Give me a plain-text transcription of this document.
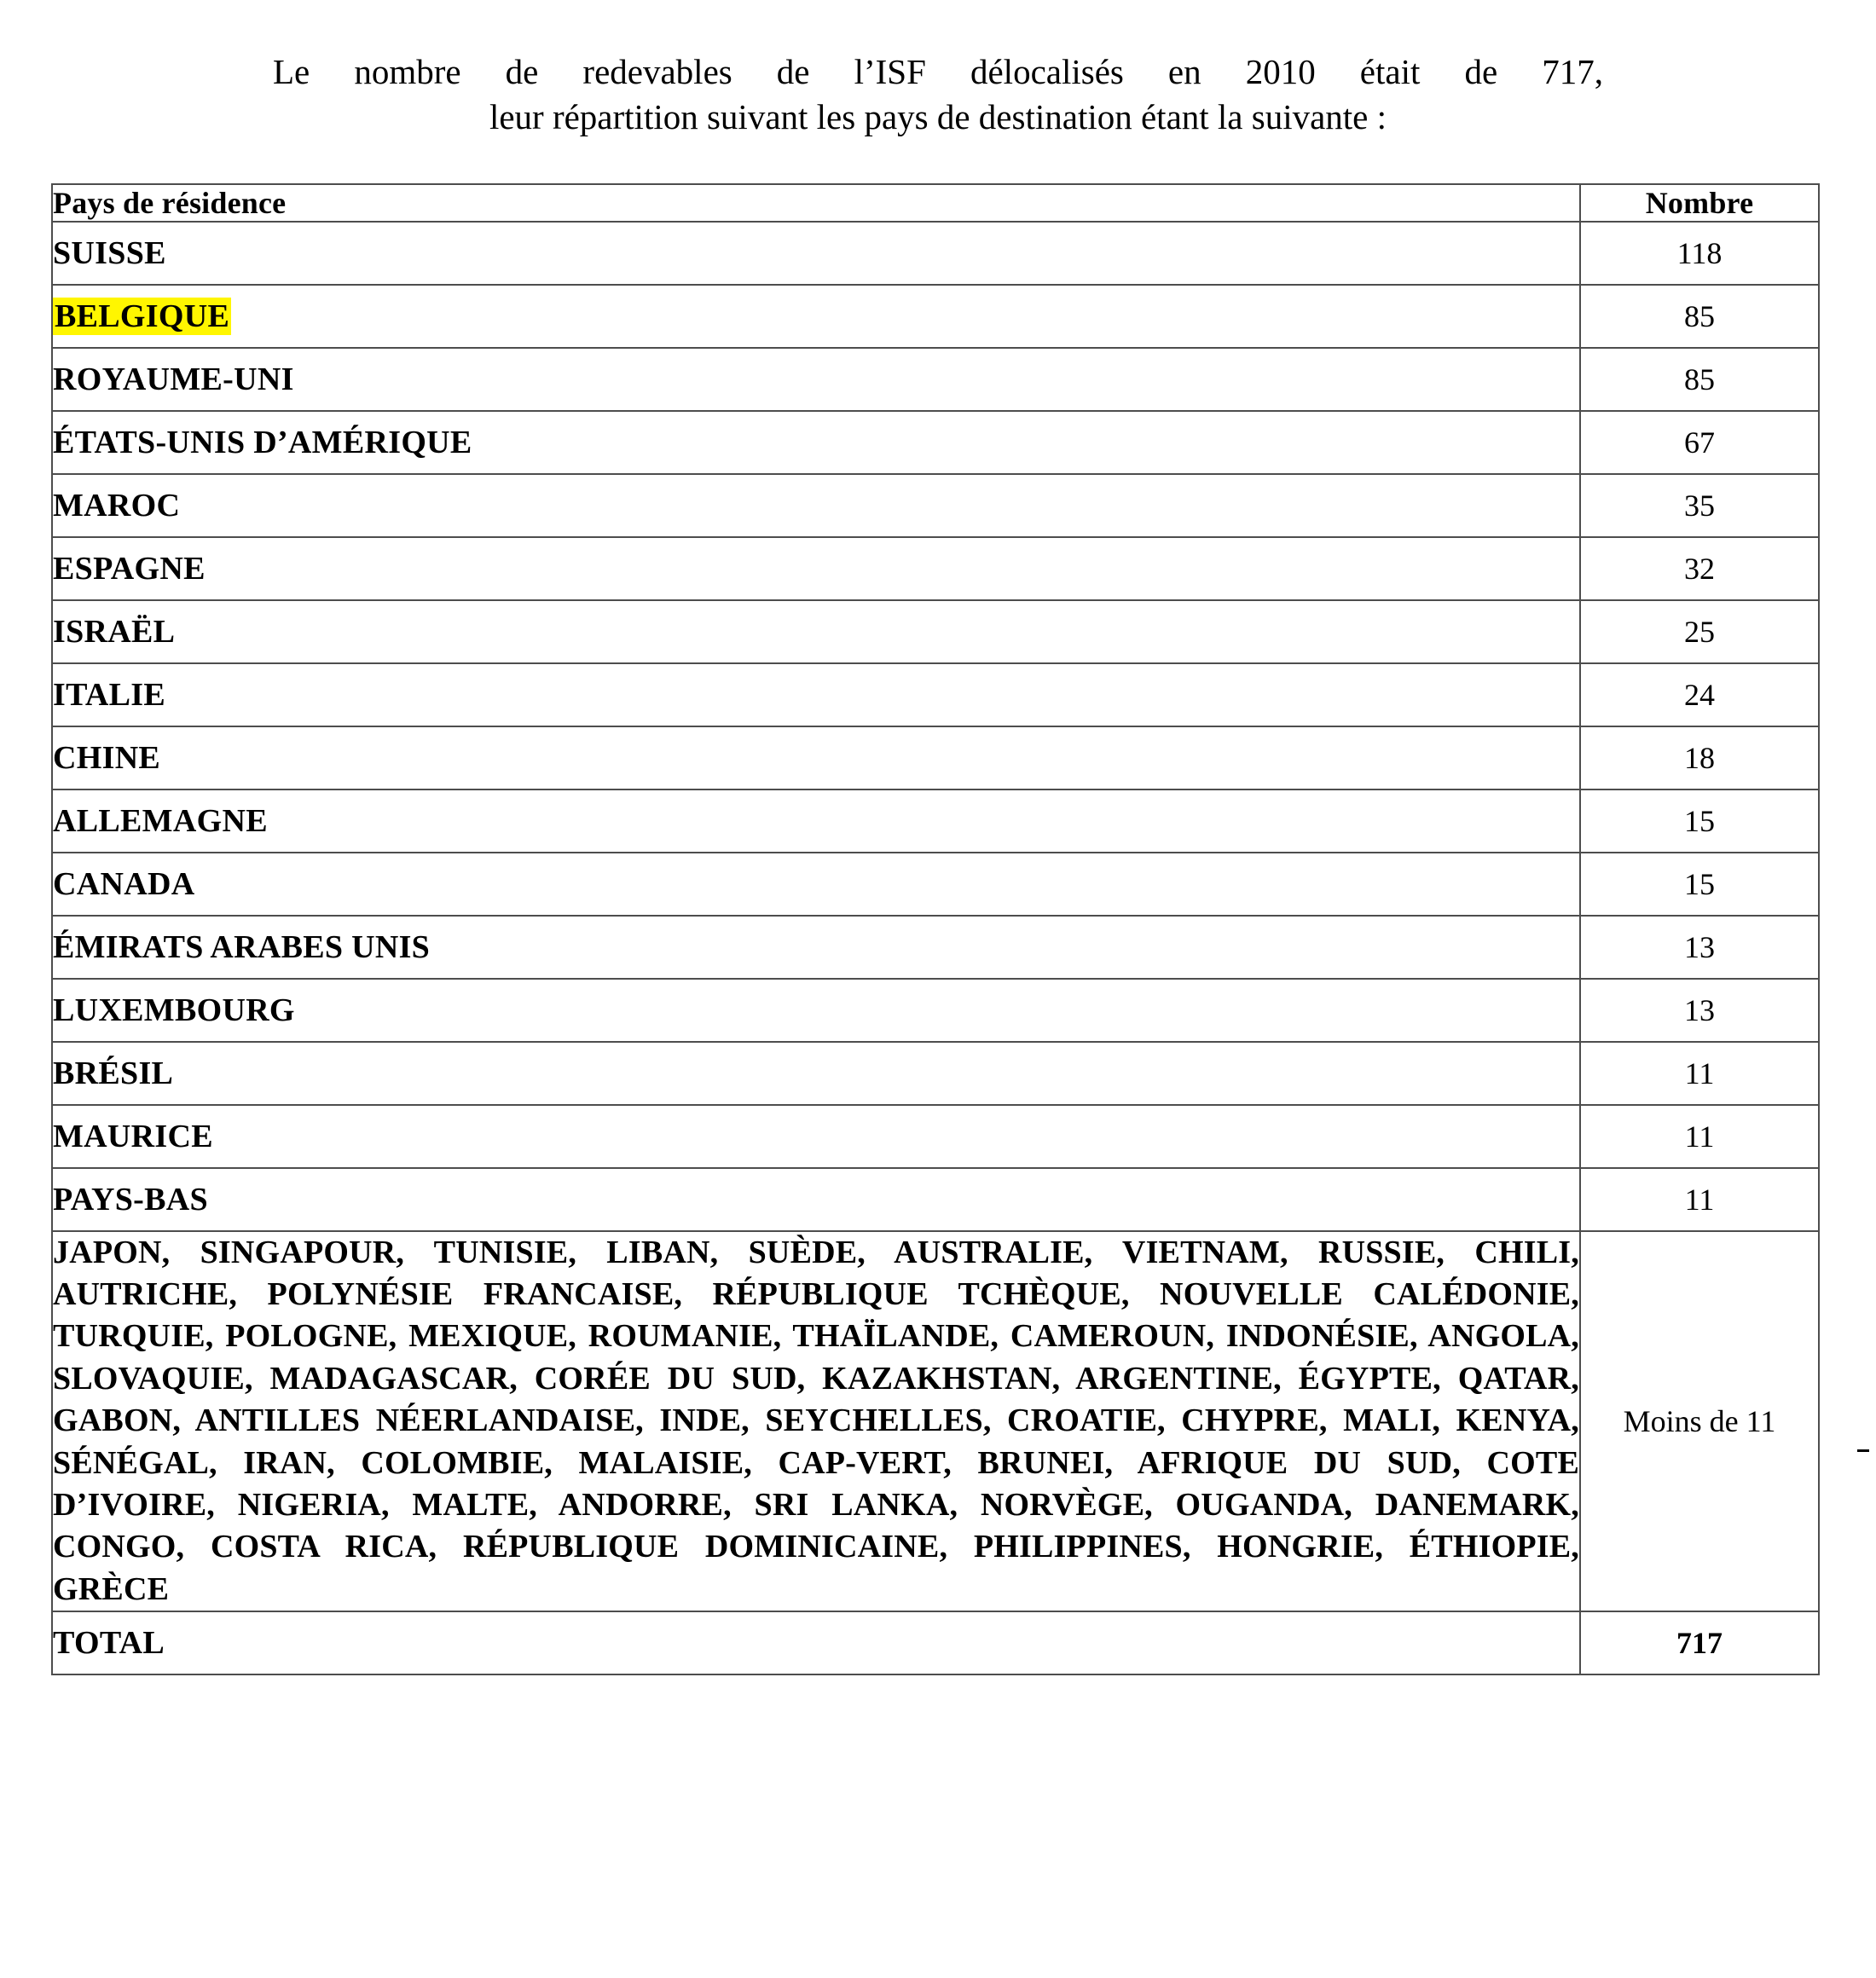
Le nombre de redevables de l’ISF délocalisés en 2010 était de 717,
leur répartition suivant les pays de destination étant la suivante :
Pays de résidence	Nombre
SUISSE	118
BELGIQUE	85
ROYAUME-UNI	85
ÉTATS-UNIS D’AMÉRIQUE	67
MAROC	35
ESPAGNE	32
ISRAËL	25
ITALIE	24
CHINE	18
ALLEMAGNE	15
CANADA	15
ÉMIRATS ARABES UNIS	13
LUXEMBOURG	13
BRÉSIL	11
MAURICE	11
PAYS-BAS	11
JAPON, SINGAPOUR, TUNISIE, LIBAN, SUÈDE, AUSTRALIE, VIETNAM, RUSSIE, CHILI, AUTRICHE, POLYNÉSIE FRANCAISE, RÉPUBLIQUE TCHÈQUE, NOUVELLE CALÉDONIE, TURQUIE, POLOGNE, MEXIQUE, ROUMANIE, THAÏLANDE, CAMEROUN, INDONÉSIE, ANGOLA, SLOVAQUIE, MADAGASCAR, CORÉE DU SUD, KAZAKHSTAN, ARGENTINE, ÉGYPTE, QATAR, GABON, ANTILLES NÉERLANDAISE, INDE, SEYCHELLES, CROATIE, CHYPRE, MALI, KENYA, SÉNÉGAL, IRAN, COLOMBIE, MALAISIE, CAP-VERT, BRUNEI, AFRIQUE DU SUD, COTE D’IVOIRE, NIGERIA, MALTE, ANDORRE, SRI LANKA, NORVÈGE, OUGANDA, DANEMARK, CONGO, COSTA RICA, RÉPUBLIQUE DOMINICAINE, PHILIPPINES, HONGRIE, ÉTHIOPIE, GRÈCE	Moins de 11
TOTAL	717
